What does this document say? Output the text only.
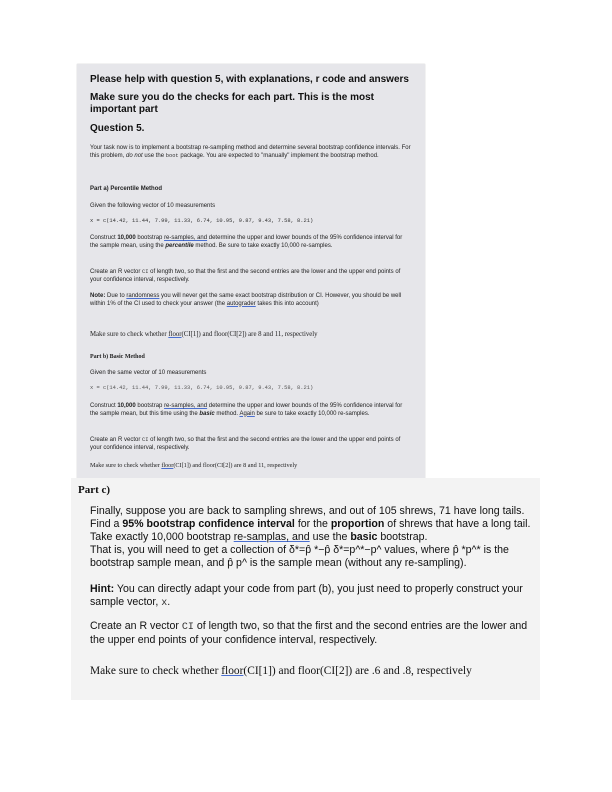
Please help with question 5, with explanations, r code and answers

Make sure you do the checks for each part. This is the most important part

Question 5.

Your task now is to implement a bootstrap re-sampling method and determine several bootstrap confidence intervals. For this problem, do not use the boot package. You are expected to "manually" implement the bootstrap method.

Part a) Percentile Method

Given the following vector of 10 measurements

x = c(14.42, 11.44, 7.99, 11.33, 6.74, 10.95, 9.87, 9.43, 7.58, 8.21)

Construct 10,000 bootstrap re-samples, and determine the upper and lower bounds of the 95% confidence interval for the sample mean, using the percentile method. Be sure to take exactly 10,000 re-samples.

Create an R vector CI of length two, so that the first and the second entries are the lower and the upper end points of your confidence interval, respectively.

Note: Due to randomness you will never get the same exact bootstrap distribution or CI. However, you should be well within 1% of the CI used to check your answer (the autograder takes this into account)

Make sure to check whether floor(CI[1]) and floor(CI[2]) are 8 and 11, respectively

Part b) Basic Method

Given the same vector of 10 measurements

x = c(14.42, 11.44, 7.99, 11.33, 6.74, 10.95, 9.87, 9.43, 7.58, 8.21)

Construct 10,000 bootstrap re-samples, and determine the upper and lower bounds of the 95% confidence interval for the sample mean, but this time using the basic method. Again be sure to take exactly 10,000 re-samples.

Create an R vector CI of length two, so that the first and the second entries are the lower and the upper end points of your confidence interval, respectively.

Make sure to check whether floor(CI[1]) and floor(CI[2]) are 8 and 11, respectively

Part c)

Finally, suppose you are back to sampling shrews, and out of 105 shrews, 71 have long tails. Find a 95% bootstrap confidence interval for the proportion of shrews that have a long tail. Take exactly 10,000 bootstrap re-samplas, and use the basic bootstrap.

That is, you will need to get a collection of δ*=p̂ *−p̂ δ*=p^*−p^ values, where p̂ *p^* is the bootstrap sample mean, and p̂ p^ is the sample mean (without any re-sampling).

Hint: You can directly adapt your code from part (b), you just need to properly construct your sample vector, x.

Create an R vector CI of length two, so that the first and the second entries are the lower and the upper end points of your confidence interval, respectively.

Make sure to check whether floor(CI[1]) and floor(CI[2]) are .6 and .8, respectively
